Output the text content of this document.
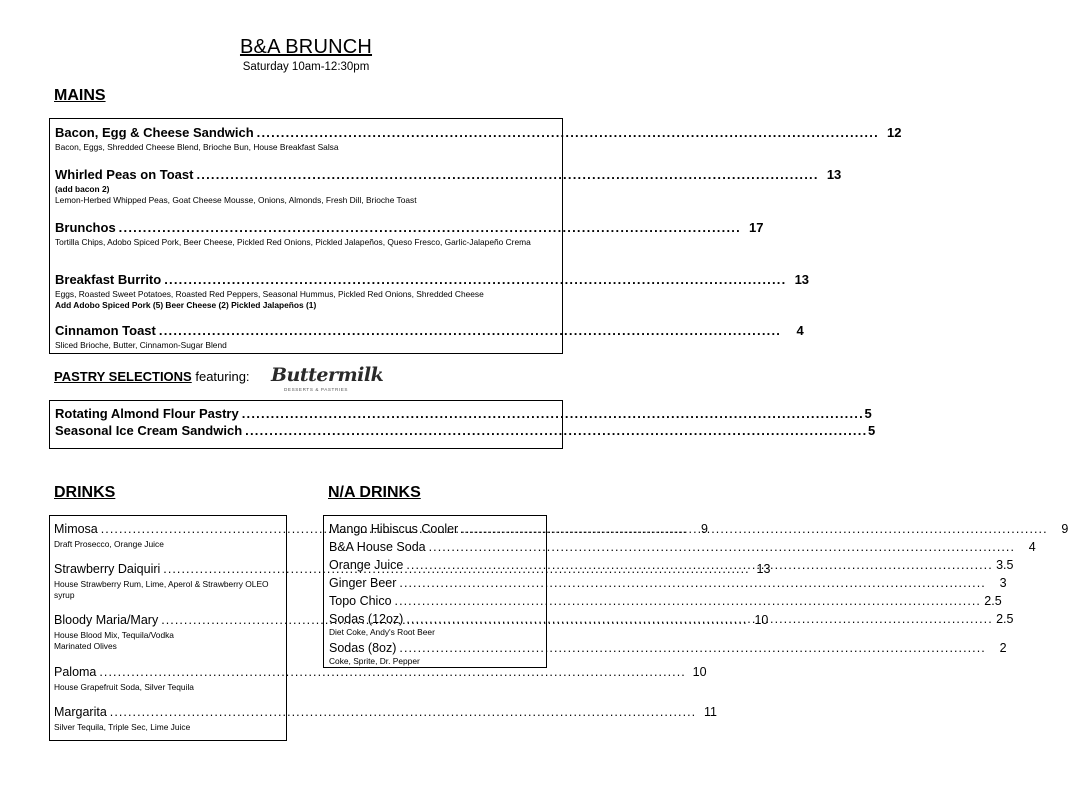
B&A BRUNCH
Saturday 10am-12:30pm
MAINS
Bacon, Egg & Cheese Sandwich . . .	12
Bacon, Eggs, Shredded Cheese Blend, Brioche Bun, House Breakfast Salsa
Whirled Peas on Toast . . .	13
(add bacon 2)
Lemon-Herbed Whipped Peas, Goat Cheese Mousse, Onions, Almonds, Fresh Dill, Brioche Toast
Brunchos . . .	17
Tortilla Chips, Adobo Spiced Pork, Beer Cheese, Pickled Red Onions, Pickled Jalapeños, Queso Fresco, Garlic-Jalapeño Crema
Breakfast Burrito . . .	13
Eggs, Roasted Sweet Potatoes, Roasted Red Peppers, Seasonal Hummus, Pickled Red Onions, Shredded Cheese
Add Adobo Spiced Pork (5) Beer Cheese (2) Pickled Jalapeños (1)
Cinnamon Toast . . .	4
Sliced Brioche, Butter, Cinnamon-Sugar Blend
PASTRY SELECTIONS featuring: Buttermilk
DESSERTS & PASTRIES
Rotating Almond Flour Pastry . . .	5
Seasonal Ice Cream Sandwich . . .	5
DRINKS
Mimosa . . .	9
Draft Prosecco, Orange Juice
Strawberry Daiquiri . . .	13
House Strawberry Rum, Lime, Aperol & Strawberry OLEO syrup
Bloody Maria/Mary . . .	10
House Blood Mix, Tequila/Vodka Marinated Olives
Paloma . . .	10
House Grapefruit Soda, Silver Tequila
Margarita . . .	11
Silver Tequila, Triple Sec, Lime Juice
N/A DRINKS
Mango Hibiscus Cooler . . .	9
B&A House Soda . . .	4
Orange Juice . . .	3.5
Ginger Beer . . .	3
Topo Chico . . .	2.5
Sodas (12oz) . . .	2.5
Diet Coke, Andy's Root Beer
Sodas (8oz) . . .	2
Coke, Sprite, Dr. Pepper
